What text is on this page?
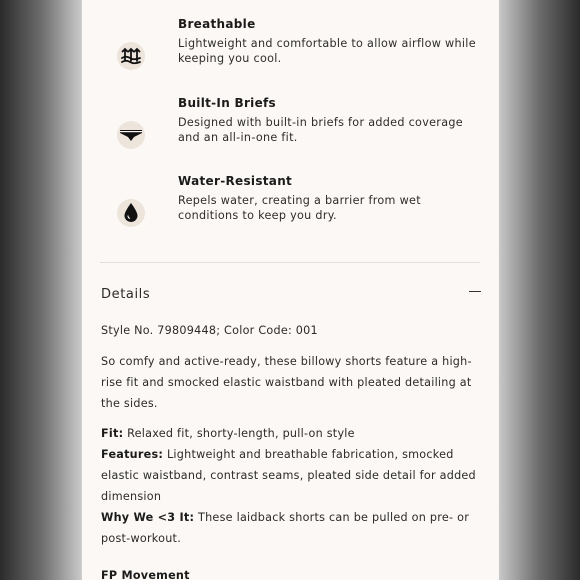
Breathable
Lightweight and comfortable to allow airflow while keeping you cool.
Built-In Briefs
Designed with built-in briefs for added coverage and an all-in-one fit.
Water-Resistant
Repels water, creating a barrier from wet conditions to keep you dry.
Details
Style No. 79809448; Color Code: 001
So comfy and active-ready, these billowy shorts feature a high-rise fit and smocked elastic waistband with pleated detailing at the sides.
Fit: Relaxed fit, shorty-length, pull-on style
Features: Lightweight and breathable fabrication, smocked elastic waistband, contrast seams, pleated side detail for added dimension
Why We <3 It: These laidback shorts can be pulled on pre- or post-workout.
FP Movement
